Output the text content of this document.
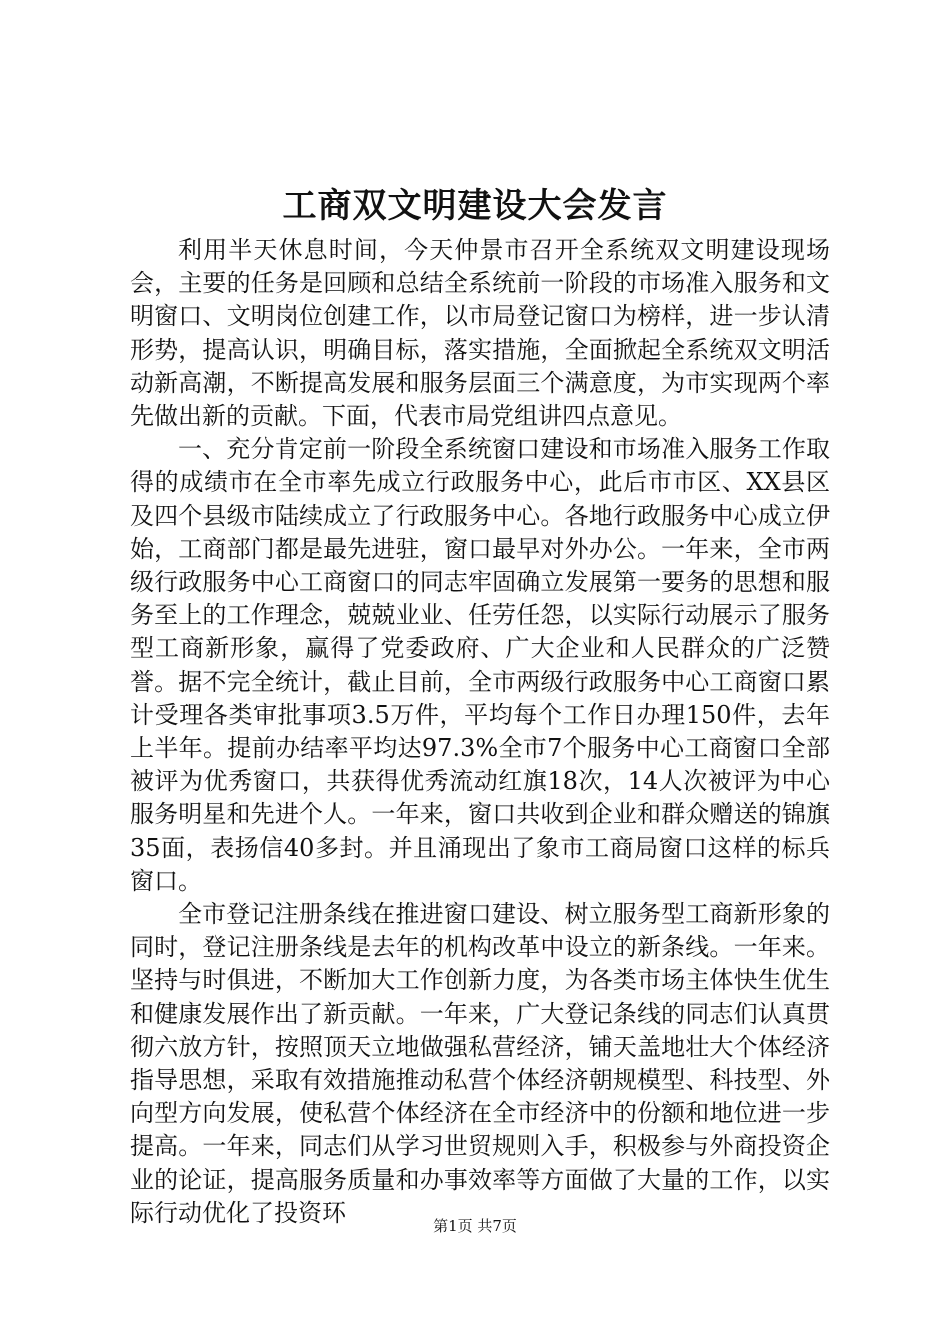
工商双文明建设大会发言

利用半天休息时间，今天仲景市召开全系统双文明建设现场会，主要的任务是回顾和总结全系统前一阶段的市场准入服务和文明窗口、文明岗位创建工作，以市局登记窗口为榜样，进一步认清形势，提高认识，明确目标，落实措施，全面掀起全系统双文明活动新高潮，不断提高发展和服务层面三个满意度，为市实现两个率先做出新的贡献。下面，代表市局党组讲四点意见。

一、充分肯定前一阶段全系统窗口建设和市场准入服务工作取得的成绩市在全市率先成立行政服务中心，此后市市区、XX县区及四个县级市陆续成立了行政服务中心。各地行政服务中心成立伊始，工商部门都是最先进驻，窗口最早对外办公。一年来，全市两级行政服务中心工商窗口的同志牢固确立发展第一要务的思想和服务至上的工作理念，兢兢业业、任劳任怨，以实际行动展示了服务型工商新形象，赢得了党委政府、广大企业和人民群众的广泛赞誉。据不完全统计，截止目前，全市两级行政服务中心工商窗口累计受理各类审批事项3.5万件，平均每个工作日办理150件，去年上半年。提前办结率平均达97.3%全市7个服务中心工商窗口全部被评为优秀窗口，共获得优秀流动红旗18次，14人次被评为中心服务明星和先进个人。一年来，窗口共收到企业和群众赠送的锦旗35面，表扬信40多封。并且涌现出了象市工商局窗口这样的标兵窗口。

全市登记注册条线在推进窗口建设、树立服务型工商新形象的同时，登记注册条线是去年的机构改革中设立的新条线。一年来。坚持与时俱进，不断加大工作创新力度，为各类市场主体快生优生和健康发展作出了新贡献。一年来，广大登记条线的同志们认真贯彻六放方针，按照顶天立地做强私营经济，铺天盖地壮大个体经济指导思想，采取有效措施推动私营个体经济朝规模型、科技型、外向型方向发展，使私营个体经济在全市经济中的份额和地位进一步提高。一年来，同志们从学习世贸规则入手，积极参与外商投资企业的论证，提高服务质量和办事效率等方面做了大量的工作，以实际行动优化了投资环	第1页 共7页
